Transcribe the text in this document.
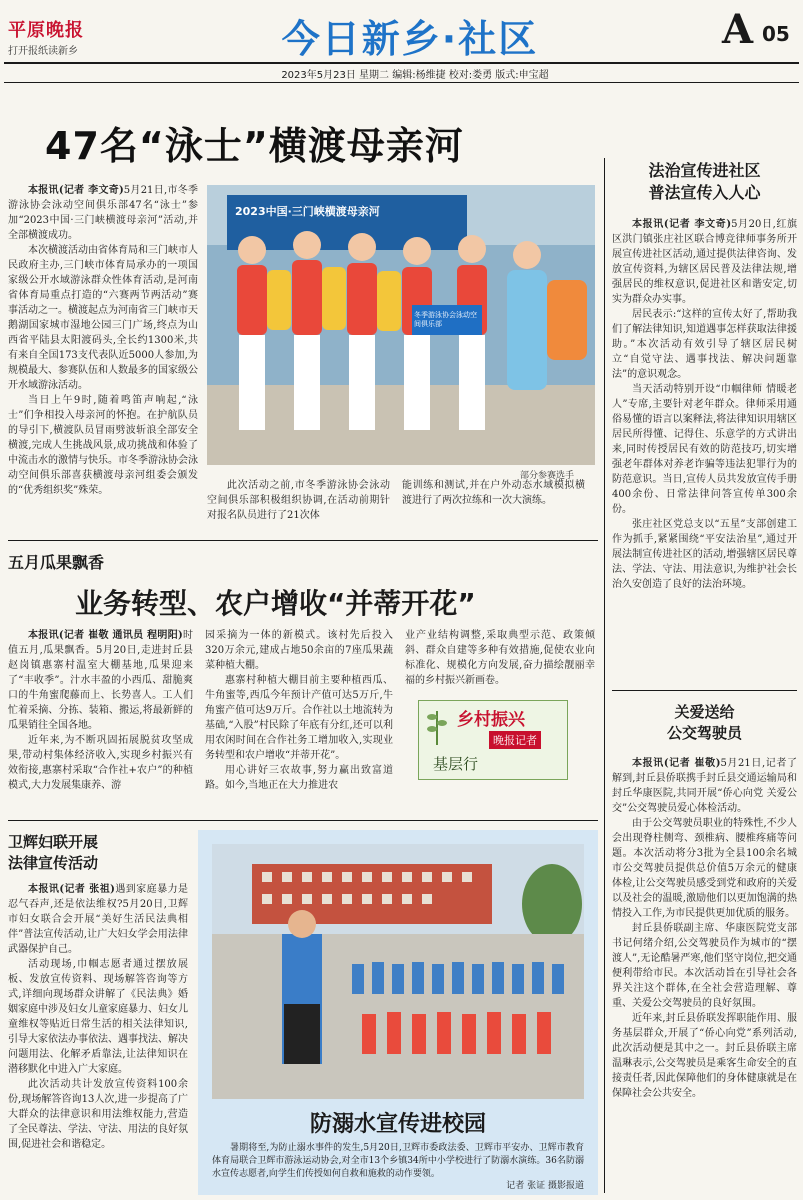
平原晚报
打开报纸读新乡	今日新乡·社区	A 05
2023年5月23日 星期二 编辑:杨维捷 校对:娄勇 版式:申宝超
47名“泳士”横渡母亲河

本报讯(记者 李文奇)5月21日,市冬季游泳协会泳动空间俱乐部47名“泳士”参加“2023中国·三门峡横渡母亲河”活动,并全部横渡成功。

本次横渡活动由省体育局和三门峡市人民政府主办,三门峡市体育局承办的一项国家级公开水域游泳群众性体育活动,是河南省体育局重点打造的“六赛两节两活动”赛事活动之一。横渡起点为河南省三门峡市天鹅湖国家城市湿地公园三门广场,终点为山西省平陆县太阳渡码头,全长约1300米,共有来自全国173支代表队近5000人参加,为规模最大、参赛队伍和人数最多的国家级公开水域游泳活动。

当日上午9时,随着鸣笛声响起,“泳士”们争相投入母亲河的怀抱。在护航队员的导引下,横渡队员冒雨劈波斩浪全部安全横渡,完成人生挑战风景,成功挑战和体验了中流击水的激情与快乐。市冬季游泳协会泳动空间俱乐部喜获横渡母亲河组委会颁发的“优秀组织奖”殊荣。

2023中国·三门峡横渡母亲河
冬季游泳协会泳动空间俱乐部
部分参赛选手

此次活动之前,市冬季游泳协会泳动空间俱乐部积极组织协调,在活动前期针对报名队员进行了21次体

能训练和测试,并在户外动态水域模拟横渡进行了两次拉练和一次大演练。

法治宣传进社区
普法宣传入人心

本报讯(记者 李文奇)5月20日,红旗区洪门镇张庄社区联合博竞律师事务所开展宣传进社区活动,通过提供法律咨询、发放宣传资料,为辖区居民普及法律法规,增强居民的维权意识,促进社区和谐安定,切实为群众办实事。

居民表示:“这样的宣传太好了,帮助我们了解法律知识,知道遇事怎样获取法律援助。”本次活动有效引导了辖区居民树立“自觉守法、遇事找法、解决问题靠法”的意识观念。

当天活动特别开设“巾帼律师 情暖老人”专席,主要针对老年群众。律师采用通俗易懂的语言以案释法,将法律知识用辖区居民所得懂、记得住、乐意学的方式讲出来,同时传授居民有效的防范技巧,切实增强老年群体对养老诈骗等违法犯罪行为的防范意识。当日,宣传人员共发放宣传手册400余份、日常法律问答宣传单300余份。

张庄社区党总支以“五星”支部创建工作为抓手,紧紧围绕“平安法治星”,通过开展法制宣传进社区的活动,增强辖区居民尊法、学法、守法、用法意识,为维护社会长治久安创造了良好的法治环境。

五月瓜果飘香
业务转型、农户增收“并蒂开花”

本报讯(记者 崔敬 通讯员 程明阳)时值五月,瓜果飘香。5月20日,走进封丘县赵岗镇惠寨村温室大棚基地,瓜果迎来了“丰收季”。汁水丰盈的小西瓜、甜脆爽口的牛角蜜爬藤而上、长势喜人。工人们忙着采摘、分拣、装箱、搬运,将最新鲜的瓜果销往全国各地。

近年来,为不断巩固拓展脱贫攻坚成果,带动村集体经济收入,实现乡村振兴有效衔接,惠寨村采取“合作社+农户”的种植模式,大力发展集康养、游

园采摘为一体的新模式。该村先后投入320万余元,建成占地50余亩的7座瓜果蔬菜种植大棚。

惠寨村种植大棚目前主要种植西瓜、牛角蜜等,西瓜今年预计产值可达5万斤,牛角蜜产值可达9万斤。合作社以土地流转为基础,“入股”村民除了年底有分红,还可以利用农闲时间在合作社务工增加收入,实现业务转型和农户增收“并蒂开花”。

用心讲好三农故事,努力赢出致富道路。如今,当地正在大力推进农

业产业结构调整,采取典型示范、政策倾斜、群众自建等多种有效措施,促使农业向标准化、规模化方向发展,奋力描绘靓丽幸福的乡村振兴新画卷。

乡村振兴
晚报记者
基层行
关爱送给
公交驾驶员

本报讯(记者 崔敬)5月21日,记者了解到,封丘县侨联携手封丘县交通运输局和封丘华康医院,共同开展“侨心向党 关爱公交”公交驾驶员爱心体检活动。

由于公交驾驶员职业的特殊性,不少人会出现脊柱侧弯、颈椎病、腰椎疼痛等问题。本次活动将分3批为全县100余名城市公交驾驶员提供总价值5万余元的健康体检,让公交驾驶员感受到党和政府的关爱以及社会的温暖,激励他们以更加饱满的热情投入工作,为市民提供更加优质的服务。

封丘县侨联副主席、华康医院党支部书记何绪介绍,公交驾驶员作为城市的“摆渡人”,无论酷暑严寒,他们坚守岗位,把交通便利带给市民。本次活动旨在引导社会各界关注这个群体,在全社会营造理解、尊重、关爱公交驾驶员的良好氛围。

近年来,封丘县侨联发挥职能作用、服务基层群众,开展了“侨心向党”系列活动,此次活动便是其中之一。封丘县侨联主席温琳表示,公交驾驶员是乘客生命安全的直接责任者,因此保障他们的身体健康就是在保障社会公共安全。

卫辉妇联开展
法律宣传活动

本报讯(记者 张祖)遇到家庭暴力是忍气吞声,还是依法维权?5月20日,卫辉市妇女联合会开展“美好生活民法典相伴”普法宣传活动,让广大妇女学会用法律武器保护自己。

活动现场,巾帼志愿者通过摆放展板、发放宣传资料、现场解答咨询等方式,详细向现场群众讲解了《民法典》婚姻家庭中涉及妇女儿童家庭暴力、妇女儿童维权等贴近日常生活的相关法律知识,引导大家依法办事依法、遇事找法、解决问题用法、化解矛盾靠法,让法律知识在潜移默化中进入广大家庭。

此次活动共计发放宣传资料100余份,现场解答咨询13人次,进一步提高了广大群众的法律意识和用法维权能力,营造了全民尊法、学法、守法、用法的良好氛围,促进社会和谐稳定。

防溺水宣传进校园
暑期将至,为防止溺水事件的发生,5月20日,卫辉市委政法委、卫辉市平安办、卫辉市教育体育局联合卫辉市游泳运动协会,对全市13个乡镇34所中小学校进行了防溺水演练。36名防溺水宣传志愿者,向学生们传授如何自救和施救的动作要领。
记者 张证 摄影报道
